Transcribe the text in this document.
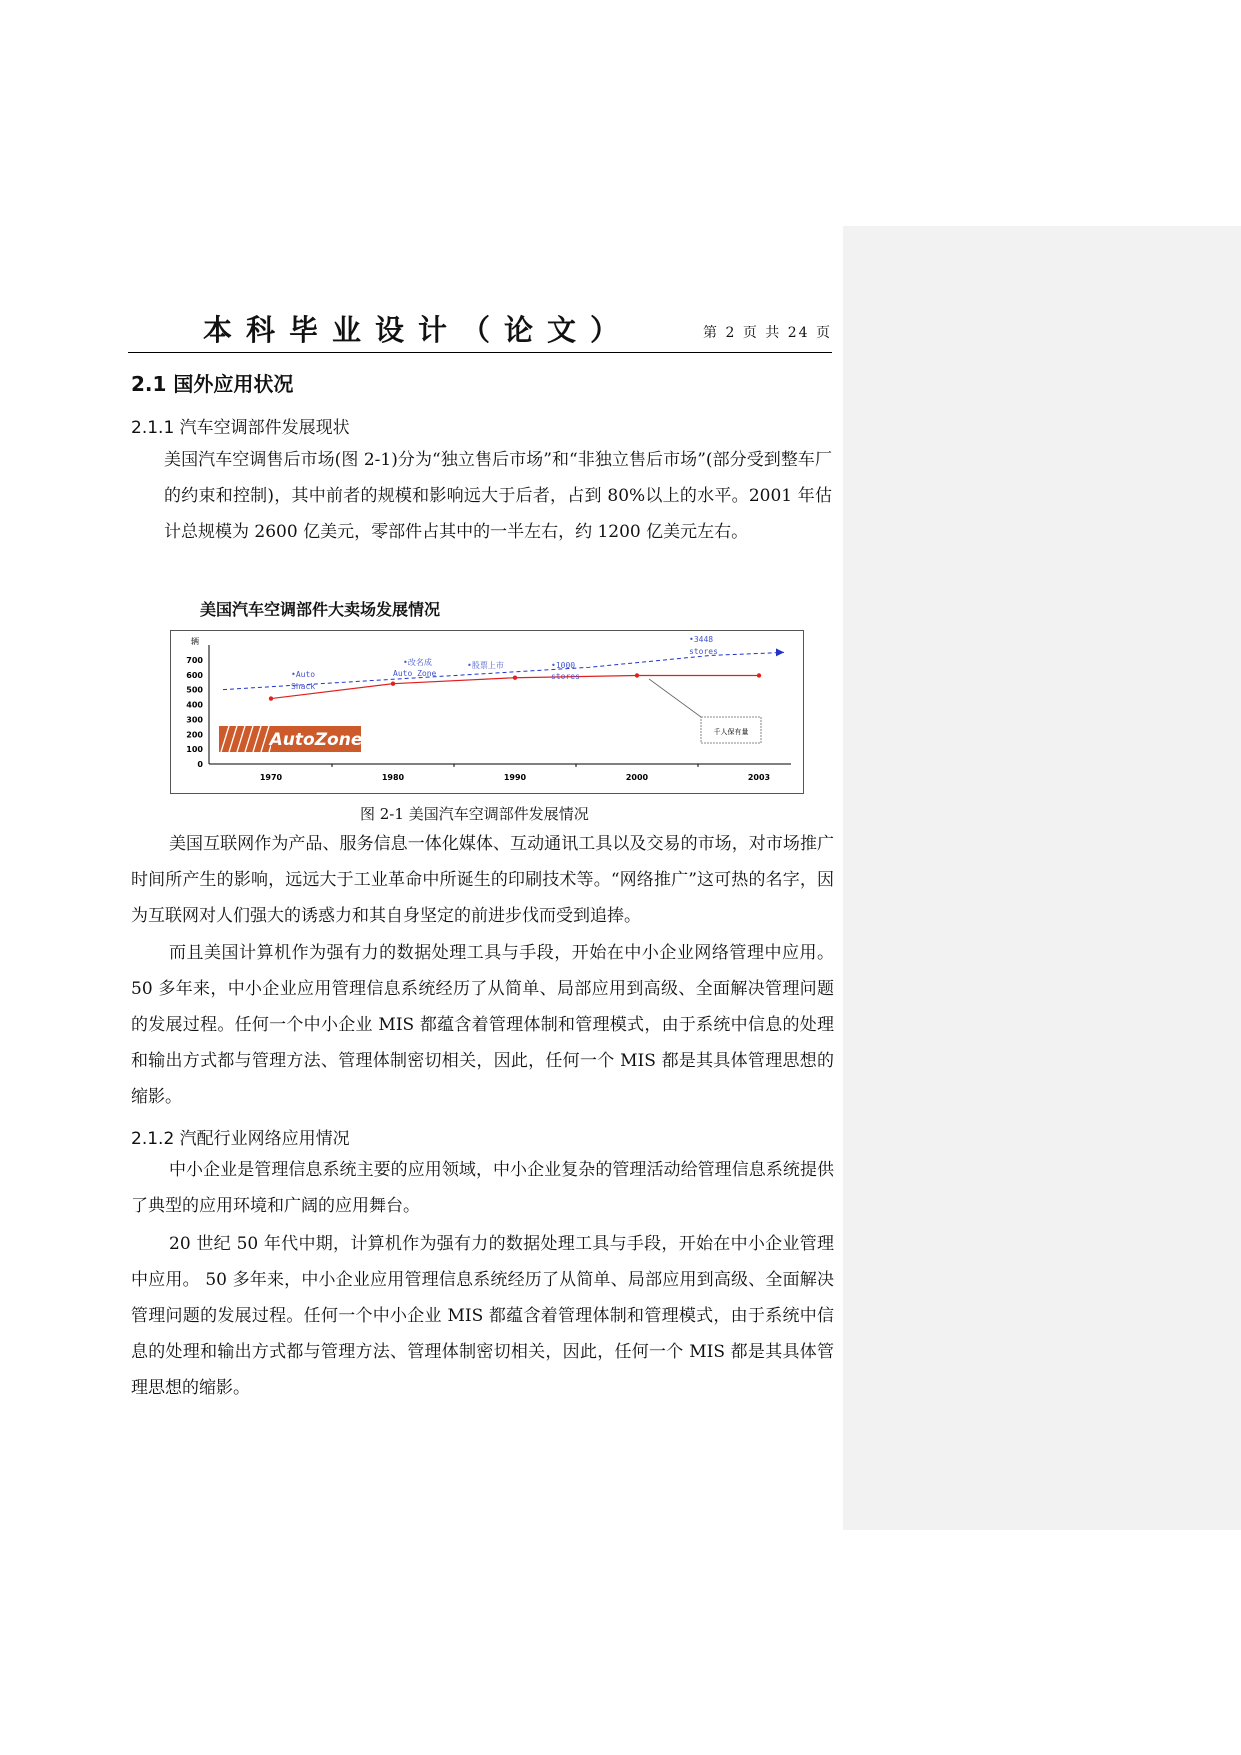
本科毕业设计（论文）	第 2 页 共 24 页
2.1 国外应用状况
2.1.1 汽车空调部件发展现状

美国汽车空调售后市场(图 2-1)分为“独立售后市场”和“非独立售后市场”(部分受到整车厂的约束和控制)，其中前者的规模和影响远大于后者，占到 80%以上的水平。2001 年估计总规模为 2600 亿美元，零部件占其中的一半左右，约 1200 亿美元左右。

美国汽车空调部件大卖场发展情况
辆
0
100
200
300
400
500
600
700
1970	1980	1990	2000	2003
AutoZone
•Auto
Shack
•改名成
Auto Zone
•股票上市	•1000
stores
•3448
stores
千人保有量
图 2-1 美国汽车空调部件发展情况

美国互联网作为产品、服务信息一体化媒体、互动通讯工具以及交易的市场，对市场推广时间所产生的影响，远远大于工业革命中所诞生的印刷技术等。“网络推广”这可热的名字，因为互联网对人们强大的诱惑力和其自身坚定的前进步伐而受到追捧。

而且美国计算机作为强有力的数据处理工具与手段，开始在中小企业网络管理中应用。 50 多年来，中小企业应用管理信息系统经历了从简单、局部应用到高级、全面解决管理问题的发展过程。任何一个中小企业 MIS 都蕴含着管理体制和管理模式，由于系统中信息的处理和输出方式都与管理方法、管理体制密切相关，因此，任何一个 MIS 都是其具体管理思想的缩影。

2.1.2 汽配行业网络应用情况

中小企业是管理信息系统主要的应用领域，中小企业复杂的管理活动给管理信息系统提供了典型的应用环境和广阔的应用舞台。

20 世纪 50 年代中期，计算机作为强有力的数据处理工具与手段，开始在中小企业管理中应用。 50 多年来，中小企业应用管理信息系统经历了从简单、局部应用到高级、全面解决管理问题的发展过程。任何一个中小企业 MIS 都蕴含着管理体制和管理模式，由于系统中信息的处理和输出方式都与管理方法、管理体制密切相关，因此，任何一个 MIS 都是其具体管理思想的缩影。
